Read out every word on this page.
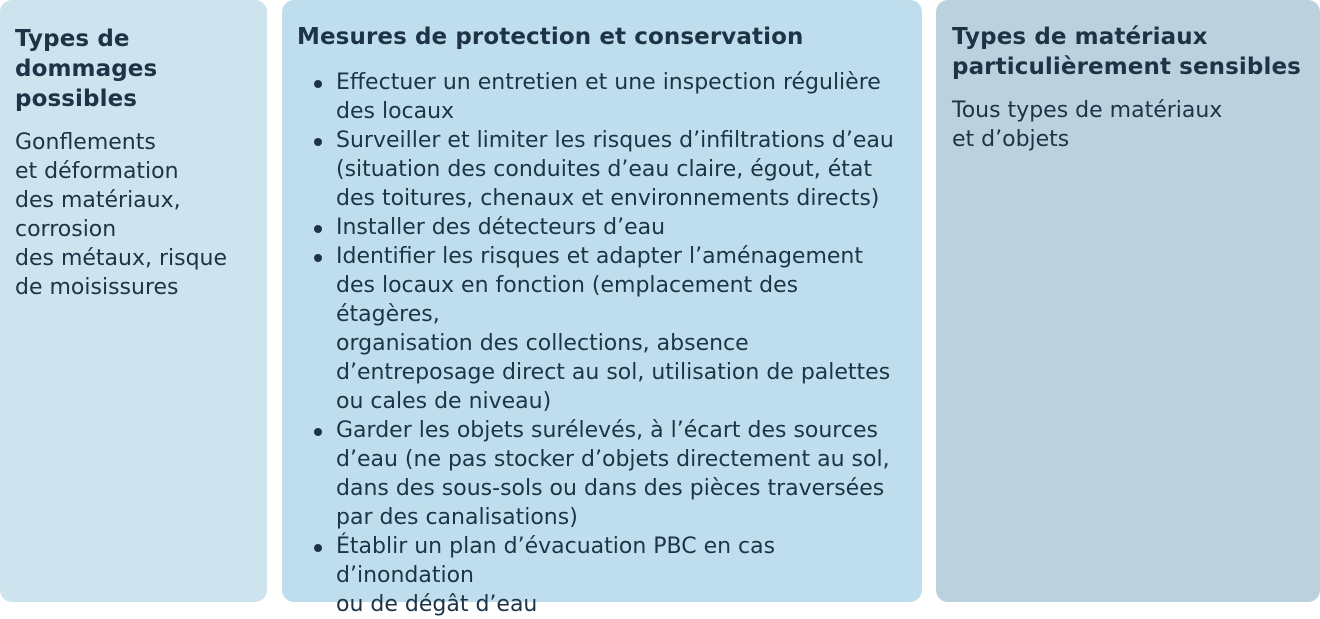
Types de
dommages
possibles

Gonflements
et déformation
des matériaux,
corrosion
des métaux, risque
de moisissures

Mesures de protection et conservation
Effectuer un entretien et une inspection régulière
des locaux
Surveiller et limiter les risques d’infiltrations d’eau
(situation des conduites d’eau claire, égout, état
des toitures, chenaux et environnements directs)
Installer des détecteurs d’eau
Identifier les risques et adapter l’aménagement
des locaux en fonction (emplacement des étagères,
organisation des collections, absence
d’entreposage direct au sol, utilisation de palettes
ou cales de niveau)
Garder les objets surélevés, à l’écart des sources
d’eau (ne pas stocker d’objets directement au sol,
dans des sous-sols ou dans des pièces traversées
par des canalisations)
Établir un plan d’évacuation PBC en cas d’inondation
ou de dégât d’eau
Types de matériaux
particulièrement sensibles

Tous types de matériaux
et d’objets
